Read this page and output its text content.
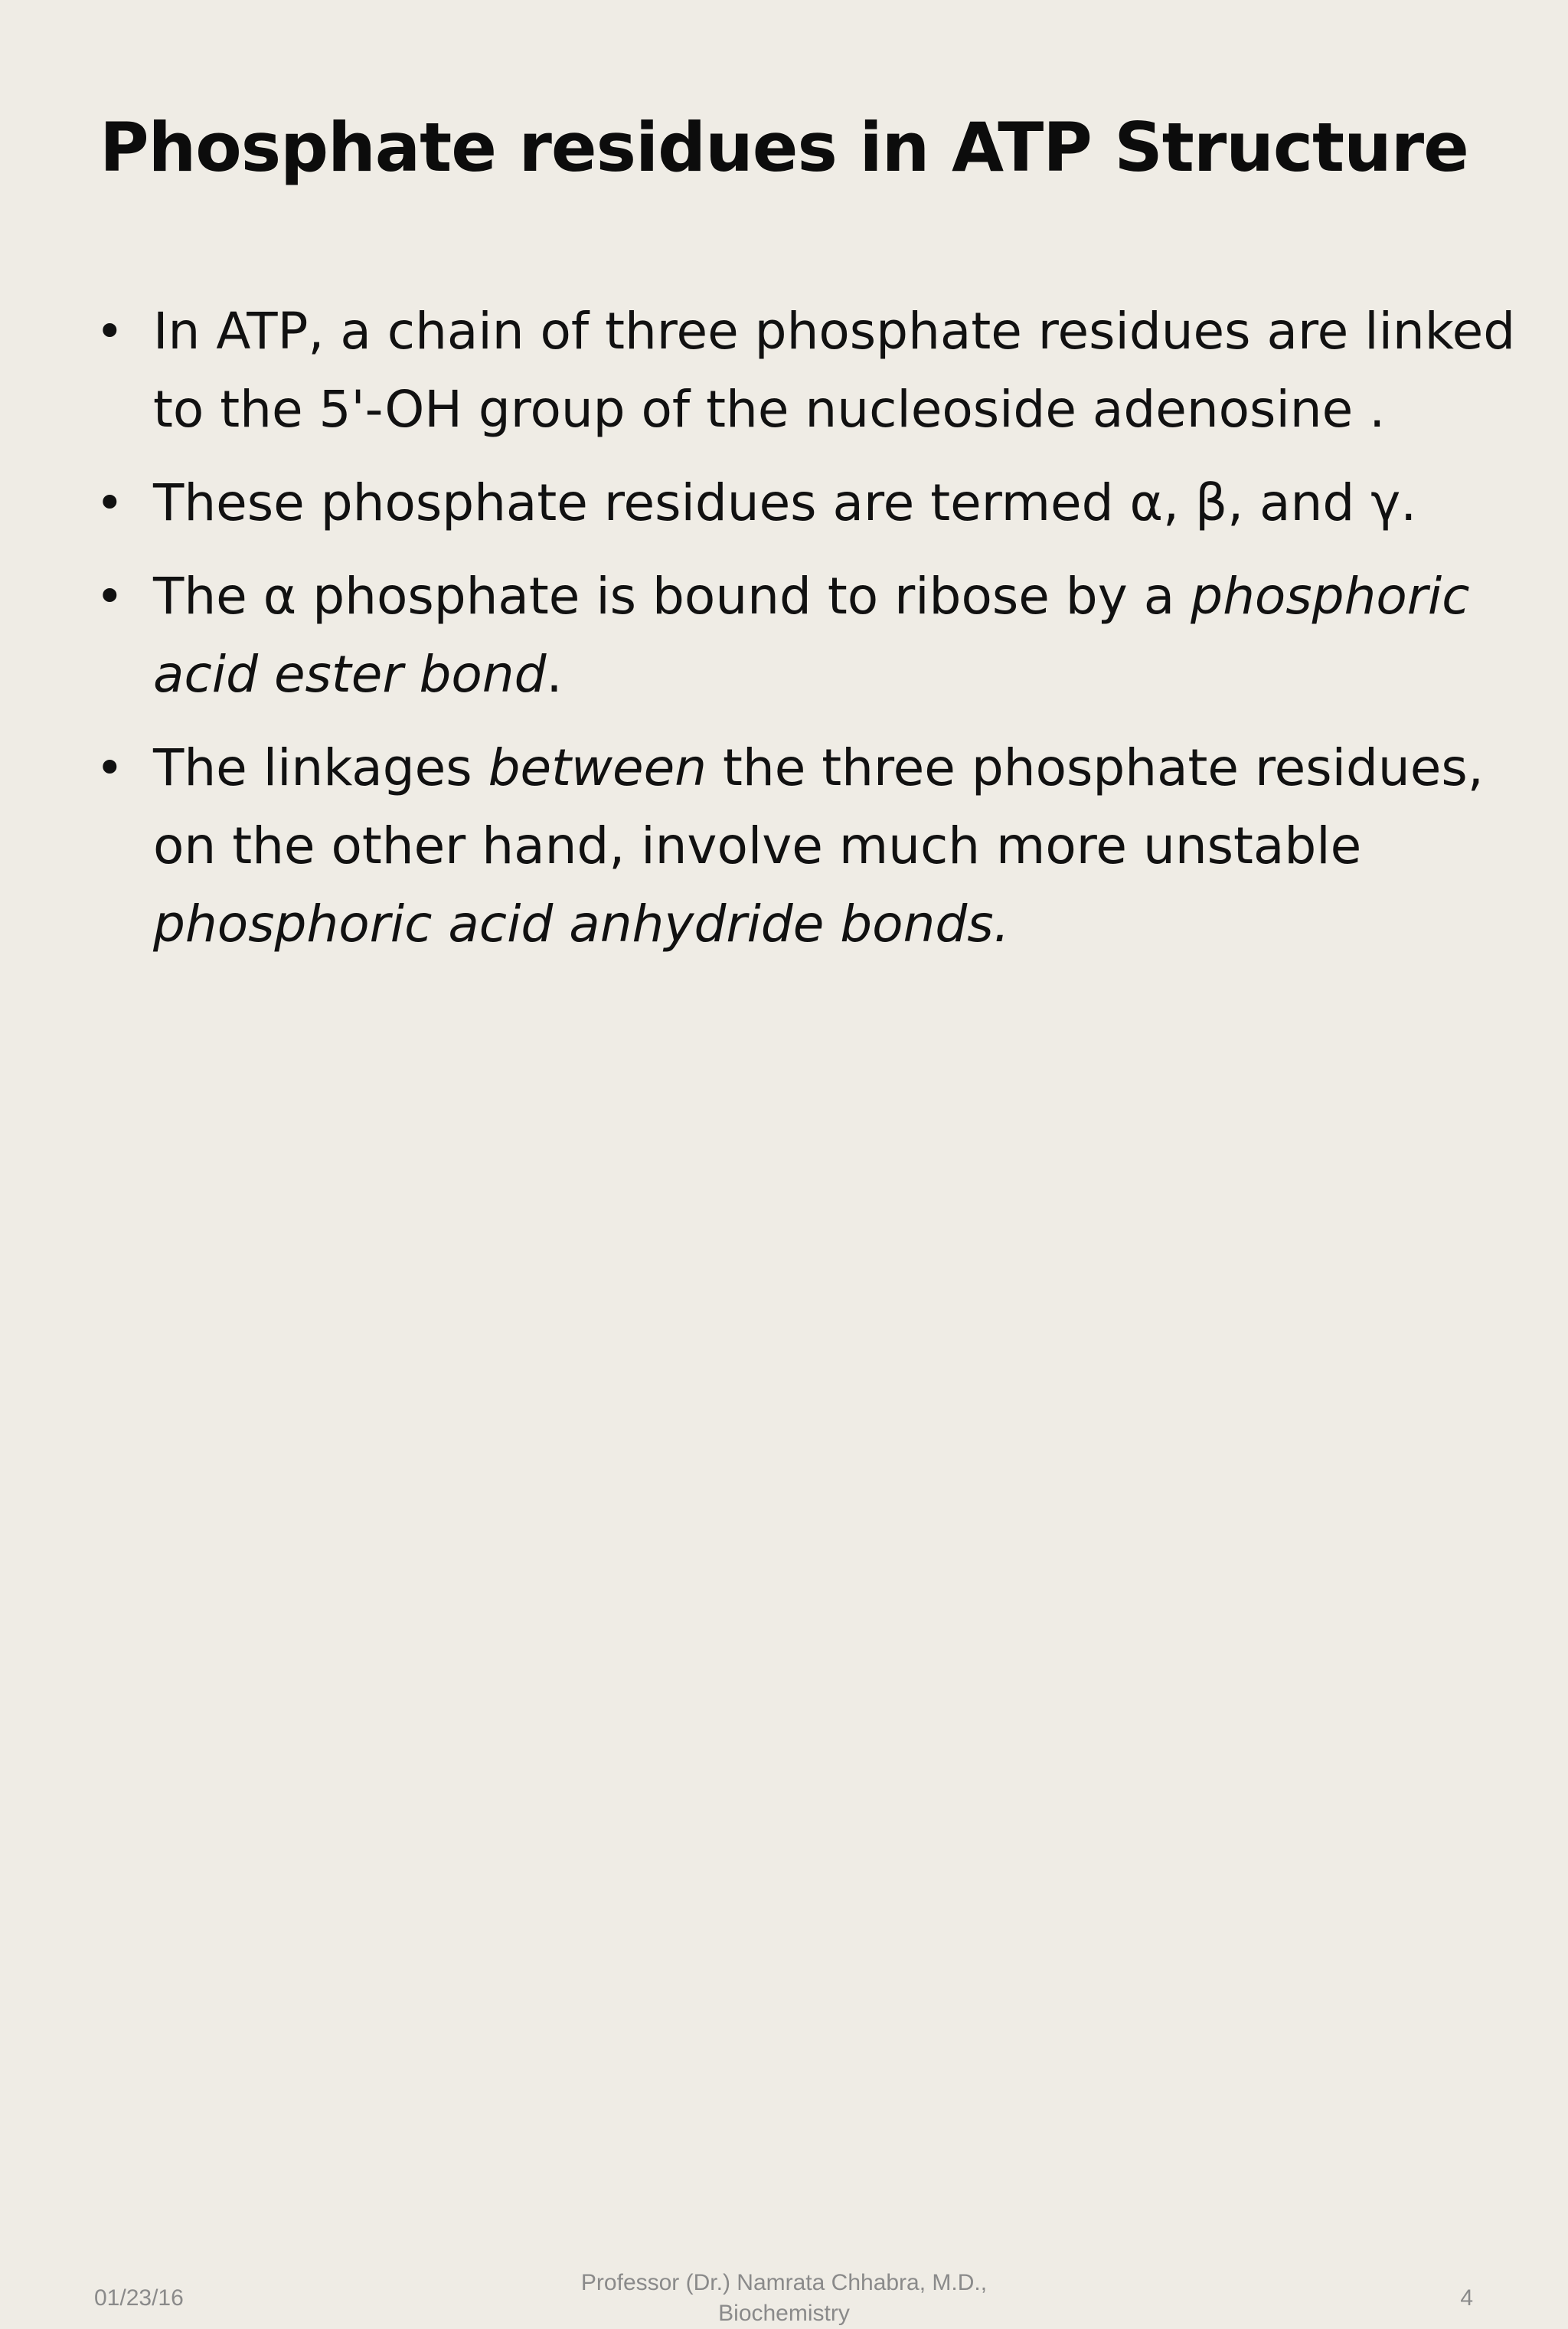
Phosphate residues in ATP Structure
• In ATP, a chain of three phosphate residues are linked to the 5'-OH group of the nucleoside adenosine .
• These phosphate residues are termed α, β, and γ.
• The α phosphate is bound to ribose by a phosphoric acid ester bond.
• The linkages between the three phosphate residues, on the other hand, involve much more unstable phosphoric acid anhydride bonds.
01/23/16
Professor (Dr.) Namrata Chhabra, M.D.,
Biochemistry
4
